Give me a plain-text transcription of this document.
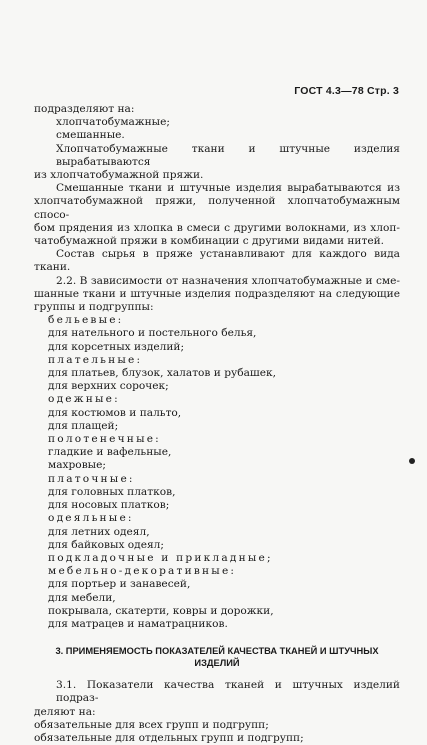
ГОСТ 4.3—78 Стр. 3
подразделяют на:
хлопчатобумажные;
смешанные.
Хлопчатобумажные ткани и штучные изделия вырабатываются
из хлопчатобумажной пряжи.
Смешанные ткани и штучные изделия вырабатываются из
хлопчатобумажной пряжи, полученной хлопчатобумажным спосо-
бом прядения из хлопка в смеси с другими волокнами, из хлоп-
чатобумажной пряжи в комбинации с другими видами нитей.
Состав сырья в пряже устанавливают для каждого вида
ткани.
2.2. В зависимости от назначения хлопчатобумажные и сме-
шанные ткани и штучные изделия подразделяют на следующие
группы и подгруппы:
бельевые:
для нательного и постельного белья,
для корсетных изделий;
плательные:
для платьев, блузок, халатов и рубашек,
для верхних сорочек;
одежные:
для костюмов и пальто,
для плащей;
полотенечные:
гладкие и вафельные,
махровые;
платочные:
для головных платков,
для носовых платков;
одеяльные:
для летних одеял,
для байковых одеял;
подкладочные и прикладные;
мебельно-декоративные:
для портьер и занавесей,
для мебели,
покрывала, скатерти, ковры и дорожки,
для матрацев и наматрацников.
3. ПРИМЕНЯЕМОСТЬ ПОКАЗАТЕЛЕЙ КАЧЕСТВА ТКАНЕЙ И ШТУЧНЫХ ИЗДЕЛИЙ
3.1. Показатели качества тканей и штучных изделий подраз-
деляют на:
обязательные для всех групп и подгрупп;
обязательные для отдельных групп и подгрупп;
